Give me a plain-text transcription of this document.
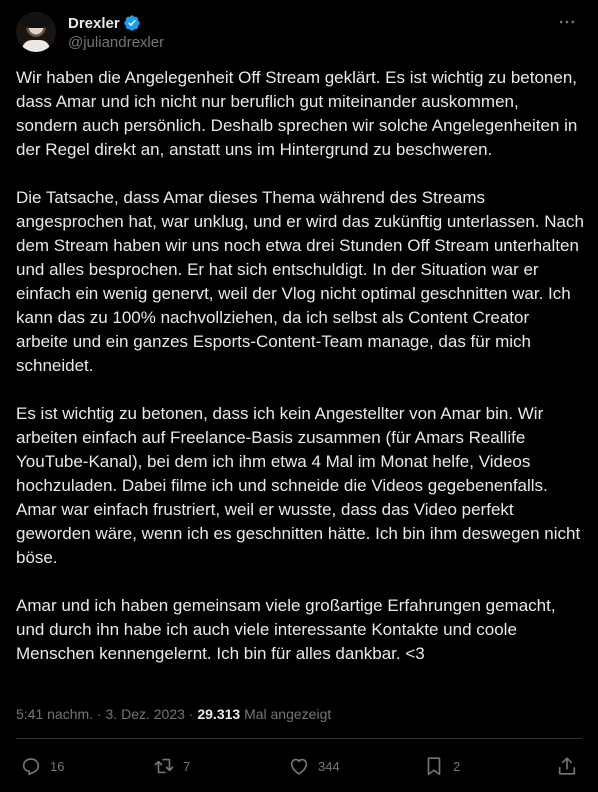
Drexler
@juliandrexler

Wir haben die Angelegenheit Off Stream geklärt. Es ist wichtig zu betonen, dass Amar und ich nicht nur beruflich gut miteinander auskommen, sondern auch persönlich. Deshalb sprechen wir solche Angelegenheiten in der Regel direkt an, anstatt uns im Hintergrund zu beschweren.

Die Tatsache, dass Amar dieses Thema während des Streams angesprochen hat, war unklug, und er wird das zukünftig unterlassen. Nach dem Stream haben wir uns noch etwa drei Stunden Off Stream unterhalten und alles besprochen. Er hat sich entschuldigt. In der Situation war er einfach ein wenig genervt, weil der Vlog nicht optimal geschnitten war. Ich kann das zu 100% nachvollziehen, da ich selbst als Content Creator arbeite und ein ganzes Esports-Content-Team manage, das für mich schneidet.

Es ist wichtig zu betonen, dass ich kein Angestellter von Amar bin. Wir arbeiten einfach auf Freelance-Basis zusammen (für Amars Reallife YouTube-Kanal), bei dem ich ihm etwa 4 Mal im Monat helfe, Videos hochzuladen. Dabei filme ich und schneide die Videos gegebenenfalls. Amar war einfach frustriert, weil er wusste, dass das Video perfekt geworden wäre, wenn ich es geschnitten hätte. Ich bin ihm deswegen nicht böse.

Amar und ich haben gemeinsam viele großartige Erfahrungen gemacht, und durch ihn habe ich auch viele interessante Kontakte und coole Menschen kennengelernt. Ich bin für alles dankbar. <3

5:41 nachm. · 3. Dez. 2023 · 29.313 Mal angezeigt
16	7	344	2
